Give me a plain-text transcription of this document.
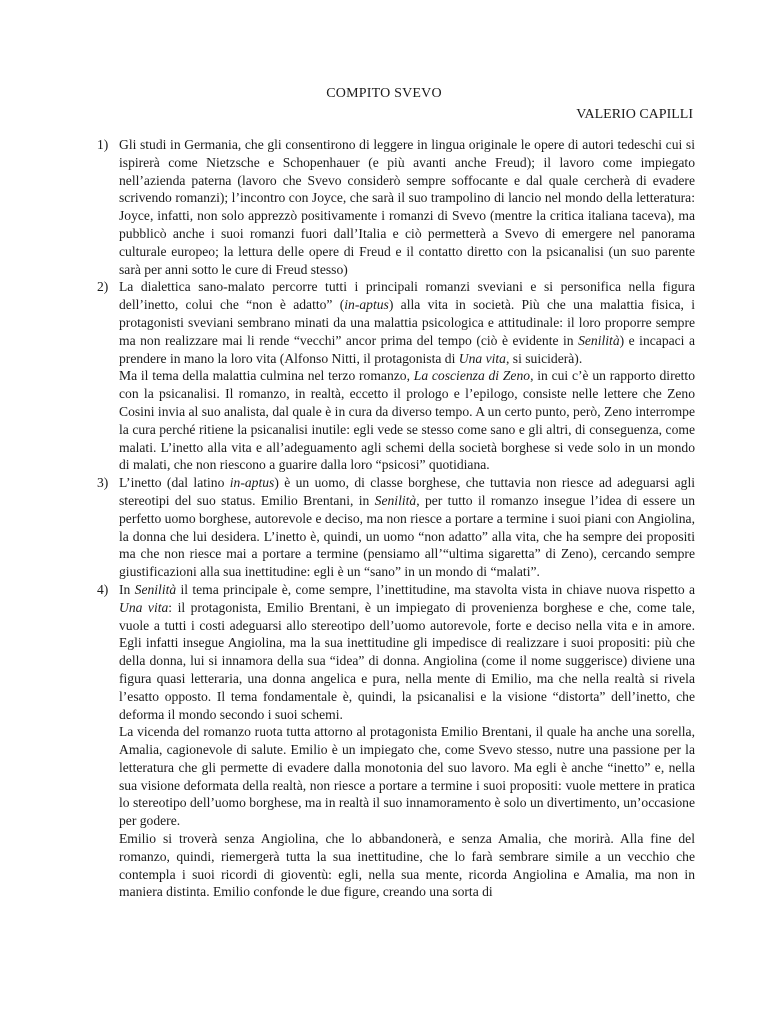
COMPITO SVEVO
VALERIO CAPILLI
1) Gli studi in Germania, che gli consentirono di leggere in lingua originale le opere di autori tedeschi cui si ispirerà come Nietzsche e Schopenhauer (e più avanti anche Freud); il lavoro come impiegato nell’azienda paterna (lavoro che Svevo considerò sempre soffocante e dal quale cercherà di evadere scrivendo romanzi); l’incontro con Joyce, che sarà il suo trampolino di lancio nel mondo della letteratura: Joyce, infatti, non solo apprezzò positivamente i romanzi di Svevo (mentre la critica italiana taceva), ma pubblicò anche i suoi romanzi fuori dall’Italia e ciò permetterà a Svevo di emergere nel panorama culturale europeo; la lettura delle opere di Freud e il contatto diretto con la psicanalisi (un suo parente sarà per anni sotto le cure di Freud stesso)

2) La dialettica sano-malato percorre tutti i principali romanzi sveviani e si personifica nella figura dell’inetto, colui che “non è adatto” (in-aptus) alla vita in società. Più che una malattia fisica, i protagonisti sveviani sembrano minati da una malattia psicologica e attitudinale: il loro proporre sempre ma non realizzare mai li rende “vecchi” ancor prima del tempo (ciò è evidente in Senilità) e incapaci a prendere in mano la loro vita (Alfonso Nitti, il protagonista di Una vita, si suiciderà).

Ma il tema della malattia culmina nel terzo romanzo, La coscienza di Zeno, in cui c’è un rapporto diretto con la psicanalisi. Il romanzo, in realtà, eccetto il prologo e l’epilogo, consiste nelle lettere che Zeno Cosini invia al suo analista, dal quale è in cura da diverso tempo. A un certo punto, però, Zeno interrompe la cura perché ritiene la psicanalisi inutile: egli vede se stesso come sano e gli altri, di conseguenza, come malati. L’inetto alla vita e all’adeguamento agli schemi della società borghese si vede solo in un mondo di malati, che non riescono a guarire dalla loro “psicosi” quotidiana.

3) L’inetto (dal latino in-aptus) è un uomo, di classe borghese, che tuttavia non riesce ad adeguarsi agli stereotipi del suo status. Emilio Brentani, in Senilità, per tutto il romanzo insegue l’idea di essere un perfetto uomo borghese, autorevole e deciso, ma non riesce a portare a termine i suoi piani con Angiolina, la donna che lui desidera. L’inetto è, quindi, un uomo “non adatto” alla vita, che ha sempre dei propositi ma che non riesce mai a portare a termine (pensiamo all’“ultima sigaretta” di Zeno), cercando sempre giustificazioni alla sua inettitudine: egli è un “sano” in un mondo di “malati”.

4) In Senilità il tema principale è, come sempre, l’inettitudine, ma stavolta vista in chiave nuova rispetto a Una vita: il protagonista, Emilio Brentani, è un impiegato di provenienza borghese e che, come tale, vuole a tutti i costi adeguarsi allo stereotipo dell’uomo autorevole, forte e deciso nella vita e in amore. Egli infatti insegue Angiolina, ma la sua inettitudine gli impedisce di realizzare i suoi propositi: più che della donna, lui si innamora della sua “idea” di donna. Angiolina (come il nome suggerisce) diviene una figura quasi letteraria, una donna angelica e pura, nella mente di Emilio, ma che nella realtà si rivela l’esatto opposto. Il tema fondamentale è, quindi, la psicanalisi e la visione “distorta” dell’inetto, che deforma il mondo secondo i suoi schemi.

La vicenda del romanzo ruota tutta attorno al protagonista Emilio Brentani, il quale ha anche una sorella, Amalia, cagionevole di salute. Emilio è un impiegato che, come Svevo stesso, nutre una passione per la letteratura che gli permette di evadere dalla monotonia del suo lavoro. Ma egli è anche “inetto” e, nella sua visione deformata della realtà, non riesce a portare a termine i suoi propositi: vuole mettere in pratica lo stereotipo dell’uomo borghese, ma in realtà il suo innamoramento è solo un divertimento, un’occasione per godere.

Emilio si troverà senza Angiolina, che lo abbandonerà, e senza Amalia, che morirà. Alla fine del romanzo, quindi, riemergerà tutta la sua inettitudine, che lo farà sembrare simile a un vecchio che contempla i suoi ricordi di gioventù: egli, nella sua mente, ricorda Angiolina e Amalia, ma non in maniera distinta. Emilio confonde le due figure, creando una sorta di
